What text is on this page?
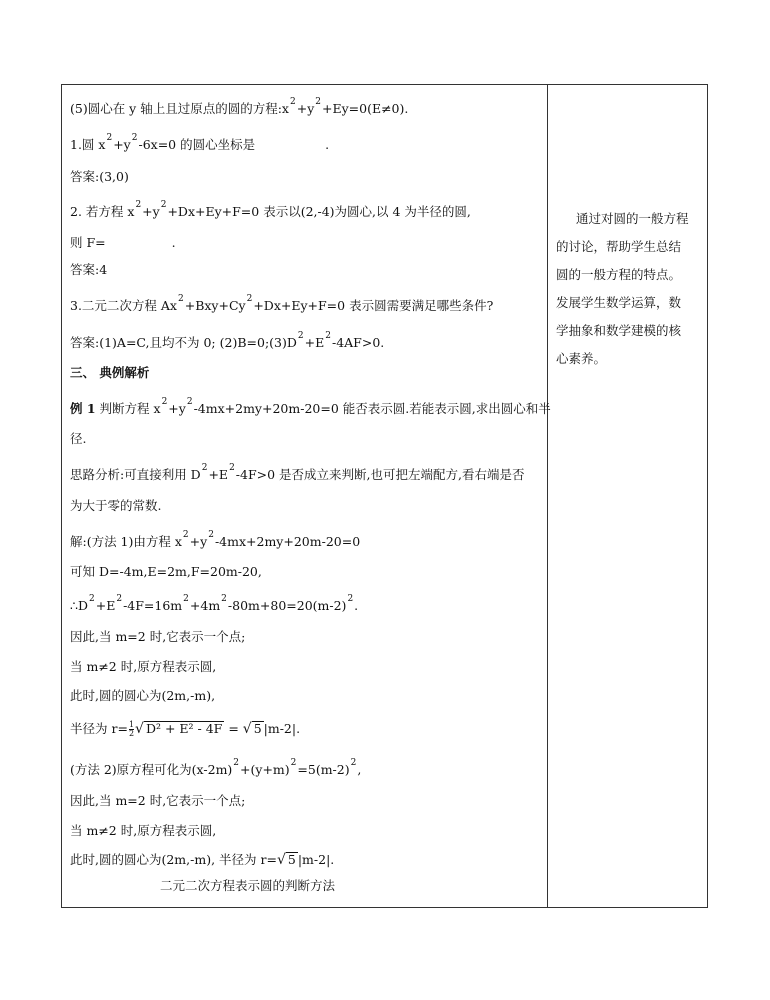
(5)圆心在 y 轴上且过原点的圆的方程$:x^2+y^2+Ey=0(E\ne 0)$.
1.圆 $x^2+y^2-6x=0$ 的圆心坐标是	.
答案:(3,0)
2. 若方程 $x^2+y^2+Dx+Ey+F=0$ 表示以(2,-4)为圆心,以 4 为半径的圆,
则 F=	.
答案:4
3.二元二次方程 $Ax^2+Bxy+Cy^2+Dx+Ey+F=0$ 表示圆需要满足哪些条件?
答案:(1)A=C,且均不为 0; $(2)B=0;(3)D^2+E^2-4AF>0$.
三、 典例解析
例 1 判断方程 $x^2+y^2-4mx+2my+20m-20=0$ 能否表示圆.若能表示圆,求出圆心和半
径.
思路分析:可直接利用 $D^2+E^2-4F>0$ 是否成立来判断,也可把左端配方,看右端是否
为大于零的常数.
解:(方法 1)由方程 $x^2+y^2-4mx+2my+20m-20=0$
可知 D=-4m,E=2m,F=20m-20,
$\therefore D^2+E^2-4F=16m^2+4m^2-80m+80=20(m-2)^2$.
因此,当 m=2 时,它表示一个点;
当 m≠2 时,原方程表示圆,
此时,圆的圆心为(2m,-m),
半径为 $r= \frac{1}{2}$ √ D² + E² - 4F = √ 5 |m-2|.
(方法 2)原方程可化为$(x-2m)^2+(y+m)^2=5(m-2)^2$,
因此,当 m=2 时,它表示一个点;
当 m≠2 时,原方程表示圆,
此时,圆的圆心为(2m,-m), 半径为 r=√ 5 |m-2|.
二元二次方程表示圆的判断方法
通过对圆的一般方程
的讨论，帮助学生总结
圆的一般方程的特点。
发展学生数学运算，数
学抽象和数学建模的核
心素养。
